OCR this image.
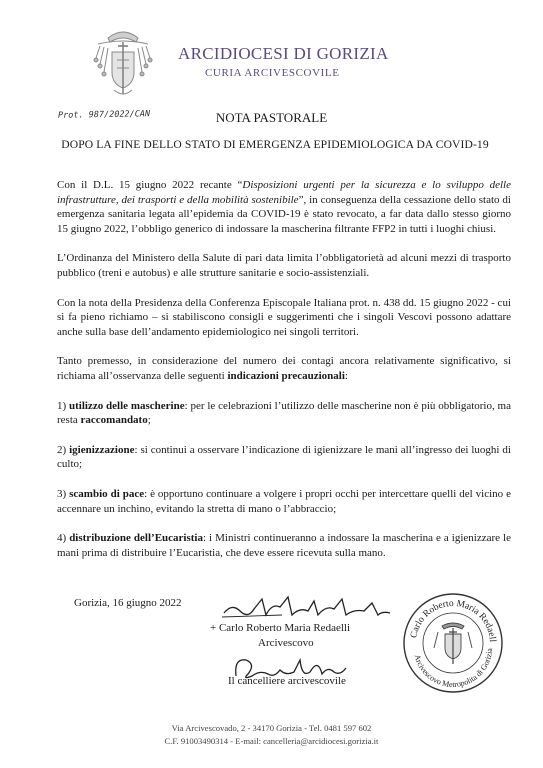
ARCIDIOCESI DI GORIZIA
CURIA ARCIVESCOVILE
Prot. 987/2022/CAN	NOTA PASTORALE
DOPO LA FINE DELLO STATO DI EMERGENZA EPIDEMIOLOGICA DA COVID-19

Con il D.L. 15 giugno 2022 recante “Disposizioni urgenti per la sicurezza e lo sviluppo delle infrastrutture, dei trasporti e della mobilità sostenibile”, in conseguenza della cessazione dello stato di emergenza sanitaria legata all’epidemia da COVID-19 è stato revocato, a far data dallo stesso giorno 15 giugno 2022, l’obbligo generico di indossare la mascherina filtrante FFP2 in tutti i luoghi chiusi.

L’Ordinanza del Ministero della Salute di pari data limita l’obbligatorietà ad alcuni mezzi di trasporto pubblico (treni e autobus) e alle strutture sanitarie e socio-assistenziali.

Con la nota della Presidenza della Conferenza Episcopale Italiana prot. n. 438 dd. 15 giugno 2022 - cui si fa pieno richiamo – si stabiliscono consigli e suggerimenti che i singoli Vescovi possono adattare anche sulla base dell’andamento epidemiologico nei singoli territori.

Tanto premesso, in considerazione del numero dei contagi ancora relativamente significativo, si richiama all’osservanza delle seguenti indicazioni precauzionali:

1) utilizzo delle mascherine: per le celebrazioni l’utilizzo delle mascherine non è più obbligatorio, ma resta raccomandato;

2) igienizzazione: si continui a osservare l’indicazione di igienizzare le mani all’ingresso dei luoghi di culto;

3) scambio di pace: è opportuno continuare a volgere i propri occhi per intercettare quelli del vicino e accennare un inchino, evitando la stretta di mano o l’abbraccio;

4) distribuzione dell’Eucaristia: i Ministri continueranno a indossare la mascherina e a igienizzare le mani prima di distribuire l’Eucaristia, che deve essere ricevuta sulla mano.

Gorizia, 16 giugno 2022
+ Carlo Roberto Maria Redaelli
Arcivescovo
Il cancelliere arcivescovile
Carlo Roberto Maria Redaell
Arcivescovo Metropolita di Gorizia
Via Arcivescovado, 2 - 34170 Gorizia - Tel. 0481 597 602
C.F. 91003490314 - E-mail: cancelleria@arcidiocesi.gorizia.it
